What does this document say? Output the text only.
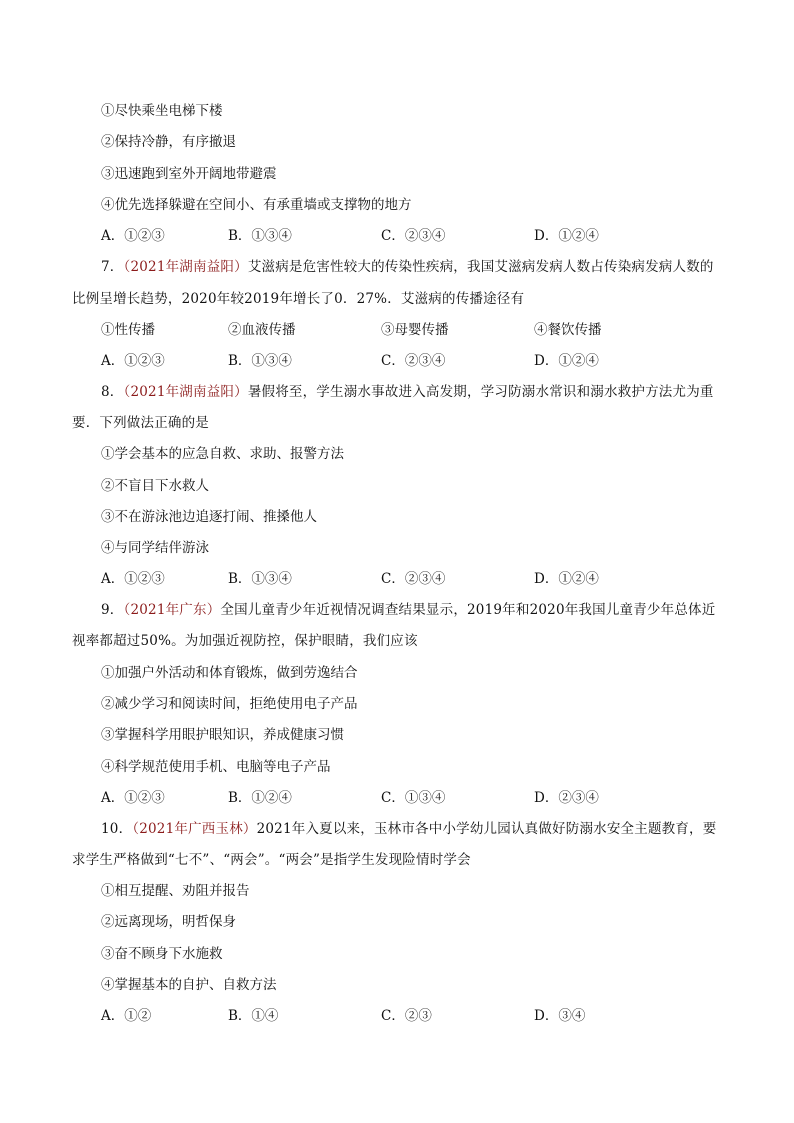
①尽快乘坐电梯下楼
②保持冷静，有序撤退
③迅速跑到室外开阔地带避震
④优先选择躲避在空间小、有承重墙或支撑物的地方
A．①②③	B．①③④	C．②③④	D．①②④
7．（2021年湖南益阳）艾滋病是危害性较大的传染性疾病，我国艾滋病发病人数占传染病发病人数的
比例呈增长趋势，2020年较2019年增长了0．27%．艾滋病的传播途径有
①性传播	②血液传播	③母婴传播	④餐饮传播
A．①②③	B．①③④	C．②③④	D．①②④
8．（2021年湖南益阳）暑假将至，学生溺水事故进入高发期，学习防溺水常识和溺水救护方法尤为重
要．下列做法正确的是
①学会基本的应急自救、求助、报警方法
②不盲目下水救人
③不在游泳池边追逐打闹、推搡他人
④与同学结伴游泳
A．①②③	B．①③④	C．②③④	D．①②④
9．（2021年广东）全国儿童青少年近视情况调查结果显示，2019年和2020年我国儿童青少年总体近
视率都超过50%。为加强近视防控，保护眼睛，我们应该
①加强户外活动和体育锻炼，做到劳逸结合
②减少学习和阅读时间，拒绝使用电子产品
③掌握科学用眼护眼知识，养成健康习惯
④科学规范使用手机、电脑等电子产品
A．①②③	B．①②④	C．①③④	D．②③④
10．（2021年广西玉林）2021年入夏以来，玉林市各中小学幼儿园认真做好防溺水安全主题教育，要
求学生严格做到“七不”、“两会”。“两会”是指学生发现险情时学会
①相互提醒、劝阻并报告
②远离现场，明哲保身
③奋不顾身下水施救
④掌握基本的自护、自救方法
A．①②	B．①④	C．②③	D．③④
